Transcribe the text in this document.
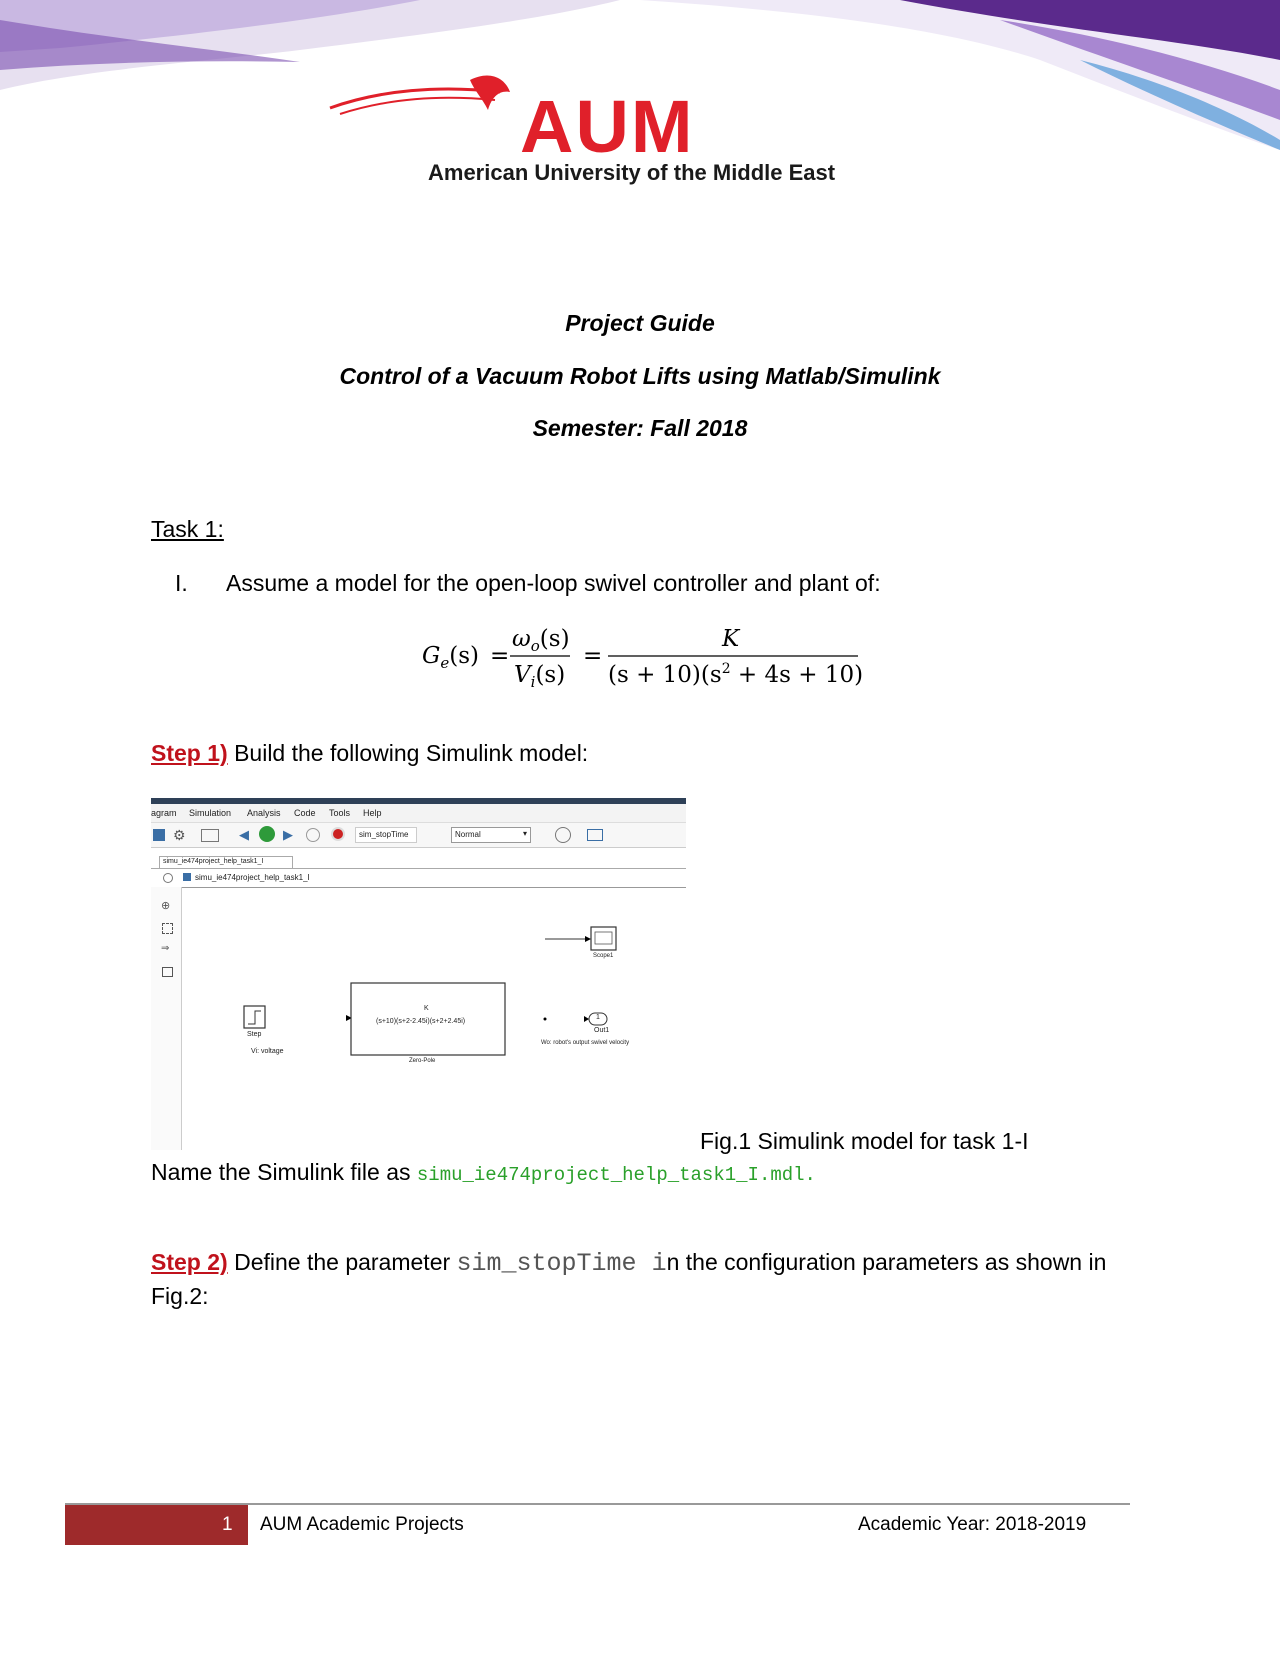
AUM
American University of the Middle East
Project Guide
Control of a Vacuum Robot Lifts using Matlab/Simulink
Semester: Fall 2018
Task 1:
I. Assume a model for the open-loop swivel controller and plant of:
$G_e(s)$ =
$\omega_o(s)$
$V_i(s)$
=
K
$(s + 10)(s^2 + 4s + 10)$
Step 1) Build the following Simulink model:
agram Simulation Analysis Code Tools Help
⚙	◀	▶	sim_stopTime	Normal	▾
simu_ie474project_help_task1_I
simu_ie474project_help_task1_I
⊕
⇒
Step
Vi: voltage
K
(s+10)(s+2-2.45i)(s+2+2.45i)
Zero-Pole
Scope1
1
Out1
Wo: robot's output swivel velocity
Fig.1 Simulink model for task 1-I
Name the Simulink file as simu_ie474project_help_task1_I.mdl.
Step 2) Define the parameter sim_stopTime in the configuration parameters as shown in Fig.2:
1 AUM Academic Projects	Academic Year: 2018-2019
